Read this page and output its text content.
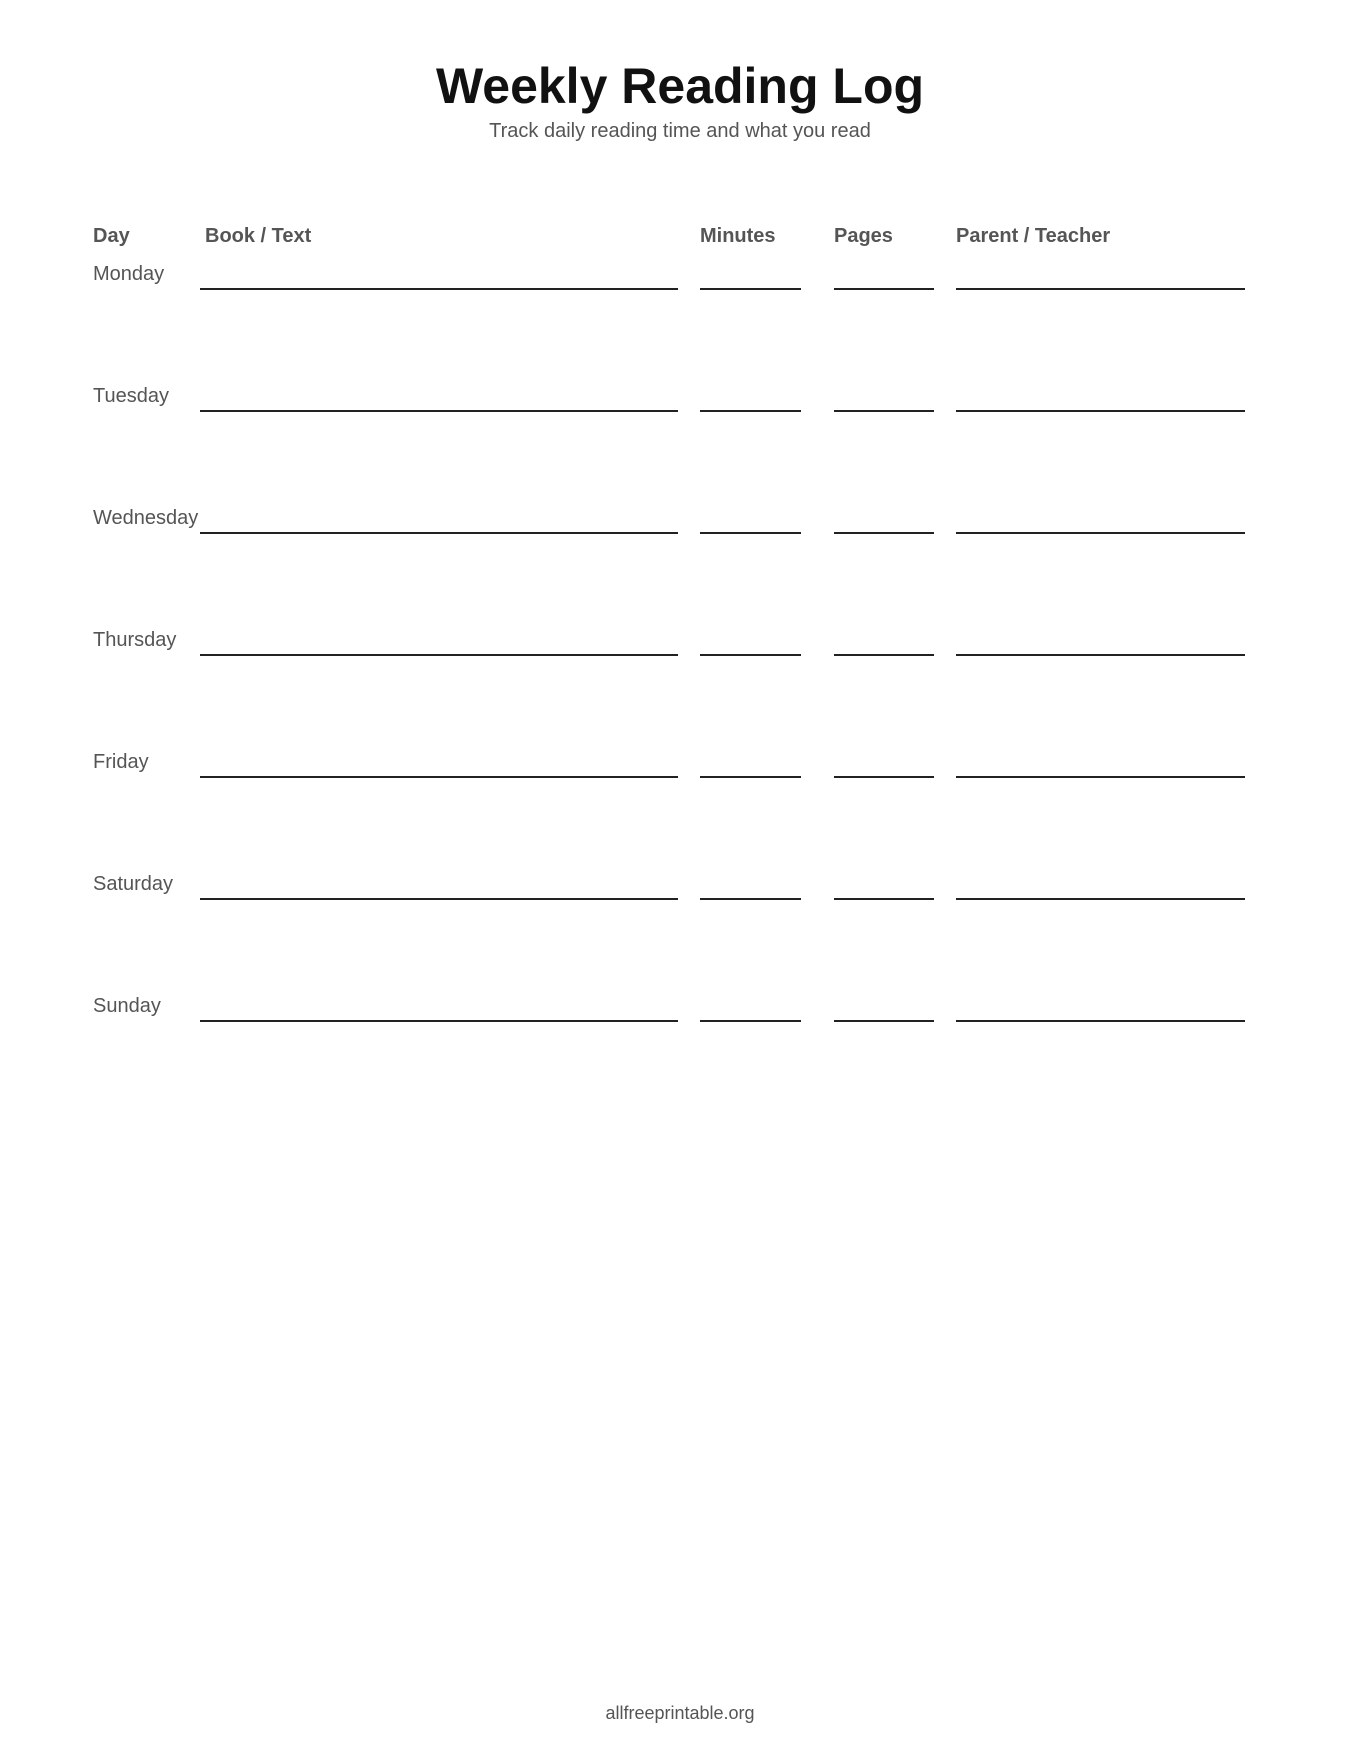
Weekly Reading Log
Track daily reading time and what you read
Day	Book / Text	Minutes	Pages	Parent / Teacher
Monday
Tuesday
Wednesday
Thursday
Friday
Saturday
Sunday
allfreeprintable.org
